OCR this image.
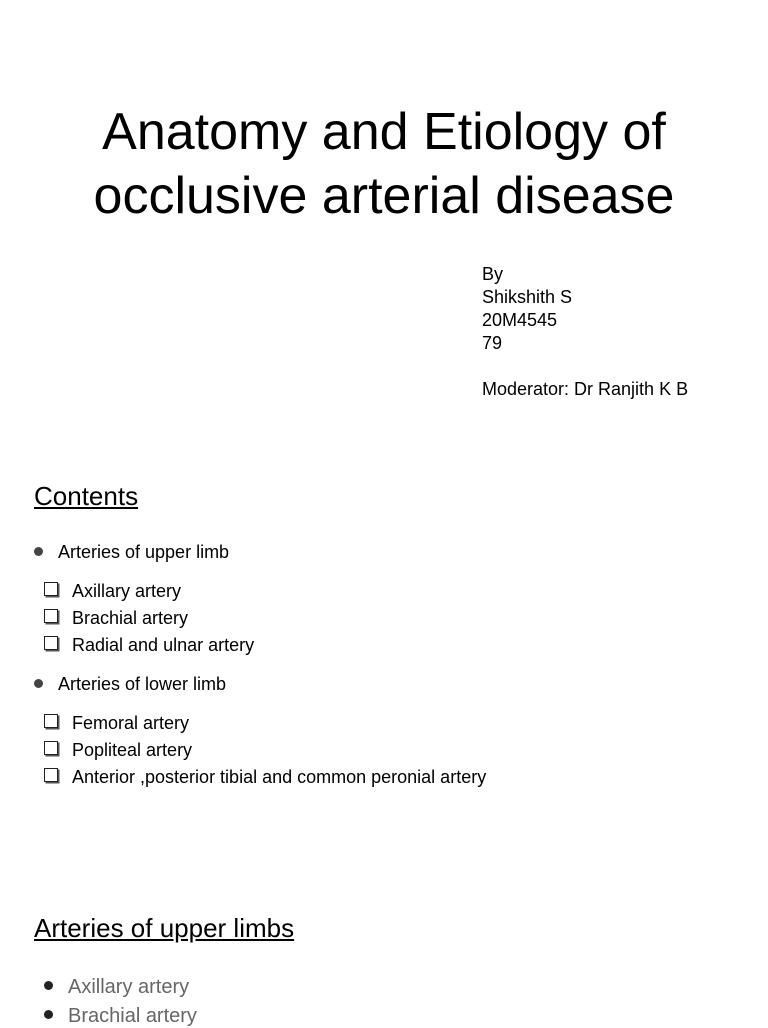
Anatomy and Etiology of
occlusive arterial disease
By
Shikshith S
20M4545
79
Moderator: Dr Ranjith K B
Contents
Arteries of upper limb
Axillary artery
Brachial artery
Radial and ulnar artery
Arteries of lower limb
Femoral artery
Popliteal artery
Anterior ,posterior tibial and common peronial artery
Arteries of upper limbs
Axillary artery
Brachial artery
